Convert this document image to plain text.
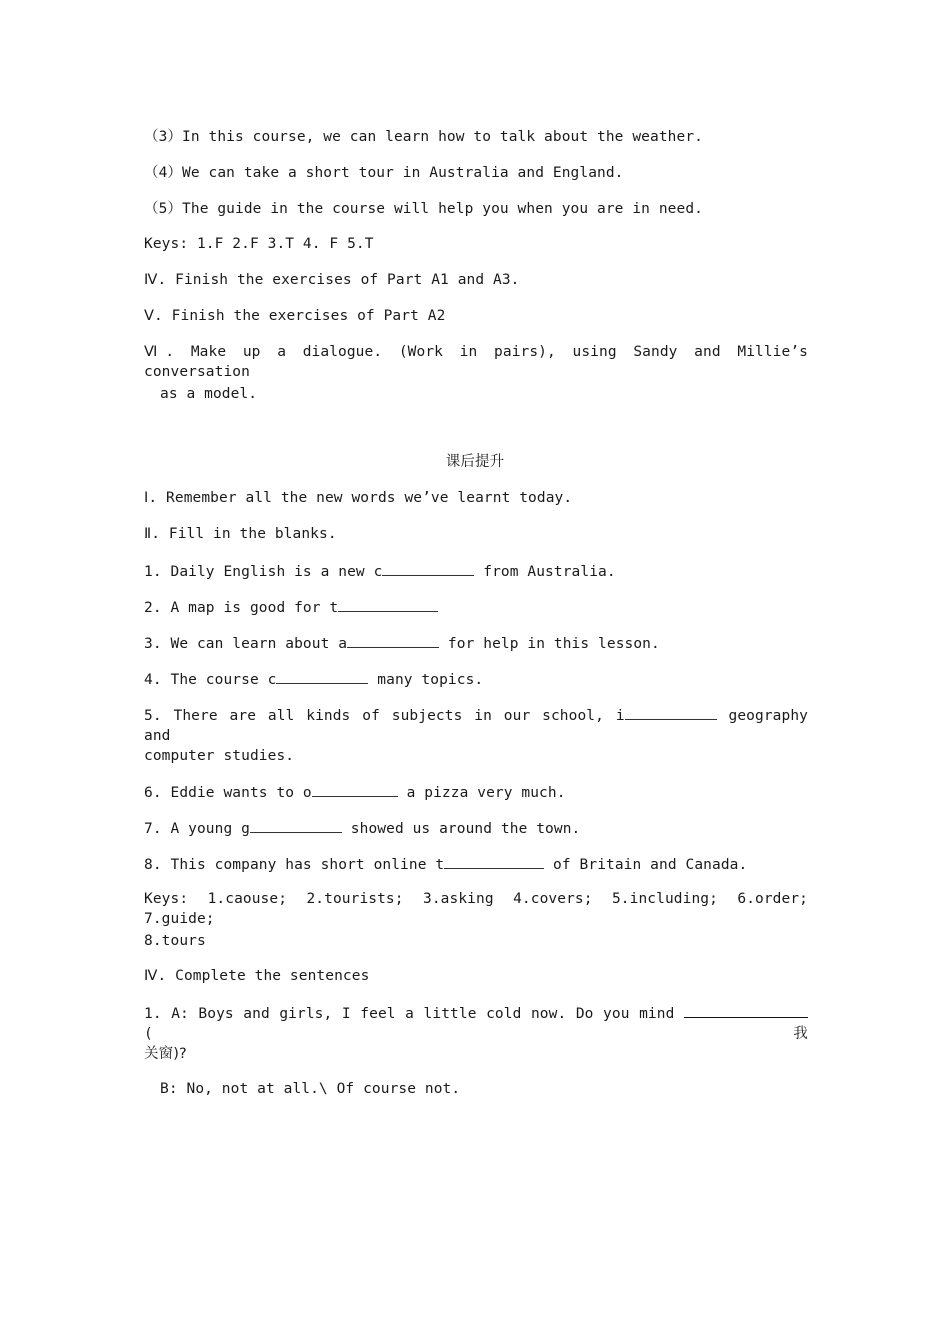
（3）In this course, we can learn how to talk about the weather.
（4）We can take a short tour in Australia and England.
（5）The guide in the course will help you when you are in need.
Keys: 1.F 2.F 3.T 4. F 5.T
Ⅳ. Finish the exercises of Part A1 and A3.
Ⅴ. Finish the exercises of Part A2
Ⅵ. Make up a dialogue. (Work in pairs), using Sandy and Millie’s conversation
as a model.
课后提升
Ⅰ. Remember all the new words we’ve learnt today.
Ⅱ. Fill in the blanks.
1. Daily English is a new c	from Australia.
2. A map is good for t
3. We can learn about a	for help in this lesson.
4. The course c	many topics.
5. There are all kinds of subjects in our school, i	geography and
computer studies.
6. Eddie wants to o	a pizza very much.
7. A young g	showed us around the town.
8. This company has short online t	of Britain and Canada.
Keys: 1.caouse; 2.tourists; 3.asking 4.covers; 5.including; 6.order; 7.guide;
8.tours
Ⅳ. Complete the sentences
1. A: Boys and girls, I feel a little cold now. Do you mind  (我
关窗)?
B: No, not at all.\ Of course not.
